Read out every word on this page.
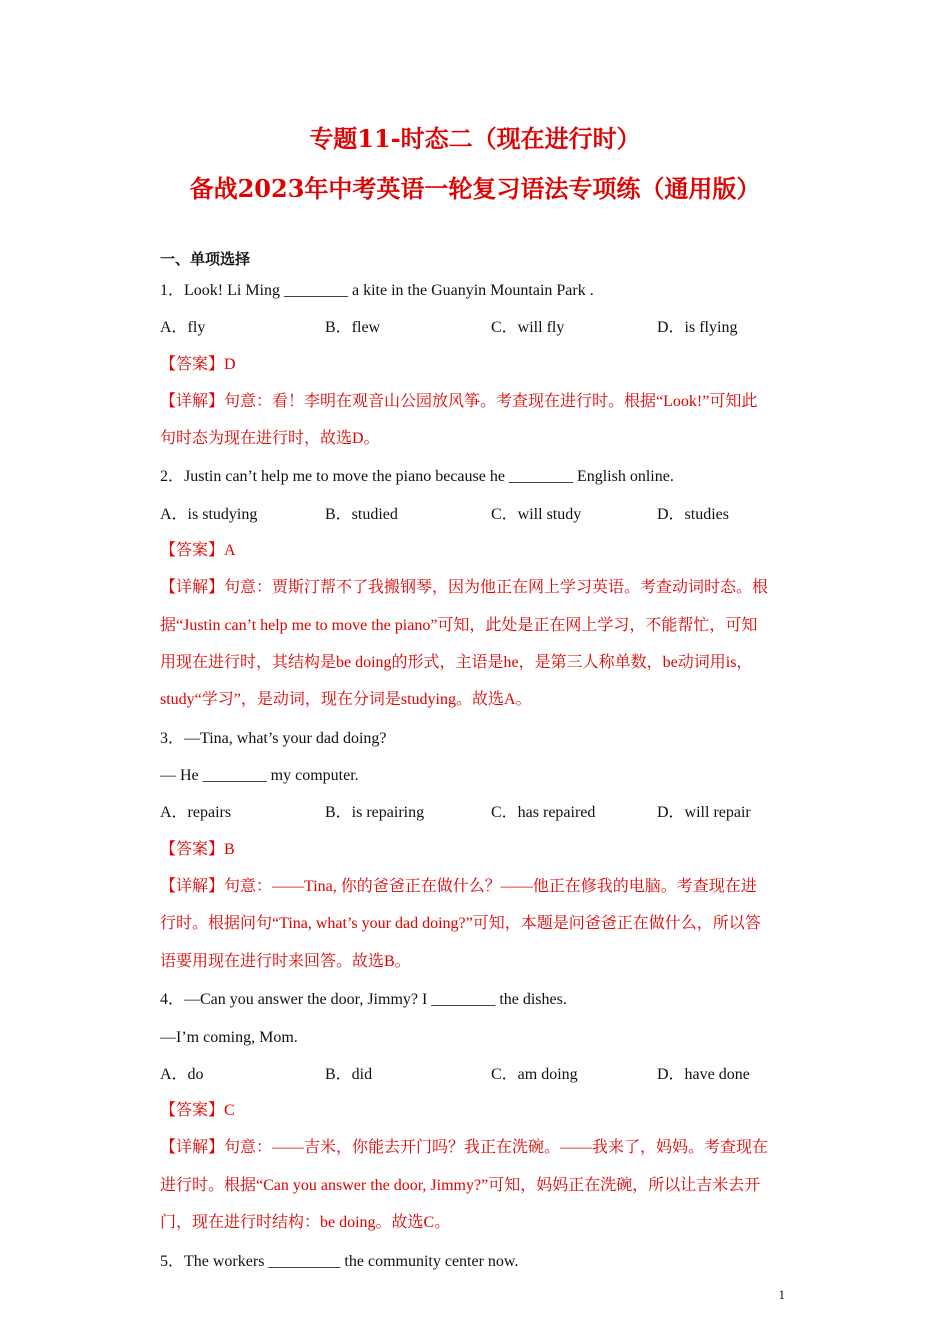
专题11-时态二（现在进行时）
备战2023年中考英语一轮复习语法专项练（通用版）
一、单项选择
1．Look! Li Ming ________ a kite in the Guanyin Mountain Park .
A．fly	B．flew	C．will fly	D．is flying
【答案】D
【详解】句意：看！李明在观音山公园放风筝。考查现在进行时。根据“Look!”可知此
句时态为现在进行时，故选D。
2．Justin can’t help me to move the piano because he ________ English online.
A．is studying	B．studied	C．will study	D．studies
【答案】A
【详解】句意：贾斯汀帮不了我搬钢琴，因为他正在网上学习英语。考查动词时态。根
据“Justin can’t help me to move the piano”可知，此处是正在网上学习，不能帮忙，可知
用现在进行时，其结构是be doing的形式，主语是he，是第三人称单数，be动词用is，
study“学习”，是动词，现在分词是studying。故选A。
3．—Tina, what’s your dad doing?
— He ________ my computer.
A．repairs	B．is repairing	C．has repaired	D．will repair
【答案】B
【详解】句意：——Tina, 你的爸爸正在做什么？——他正在修我的电脑。考查现在进
行时。根据问句“Tina, what’s your dad doing?”可知，本题是问爸爸正在做什么，所以答
语要用现在进行时来回答。故选B。
4．—Can you answer the door, Jimmy? I ________ the dishes.
—I’m coming, Mom.
A．do	B．did	C．am doing	D．have done
【答案】C
【详解】句意：——吉米，你能去开门吗？我正在洗碗。——我来了，妈妈。考查现在
进行时。根据“Can you answer the door, Jimmy?”可知，妈妈正在洗碗，所以让吉米去开
门，现在进行时结构：be doing。故选C。
5．The workers _________ the community center now.
1
